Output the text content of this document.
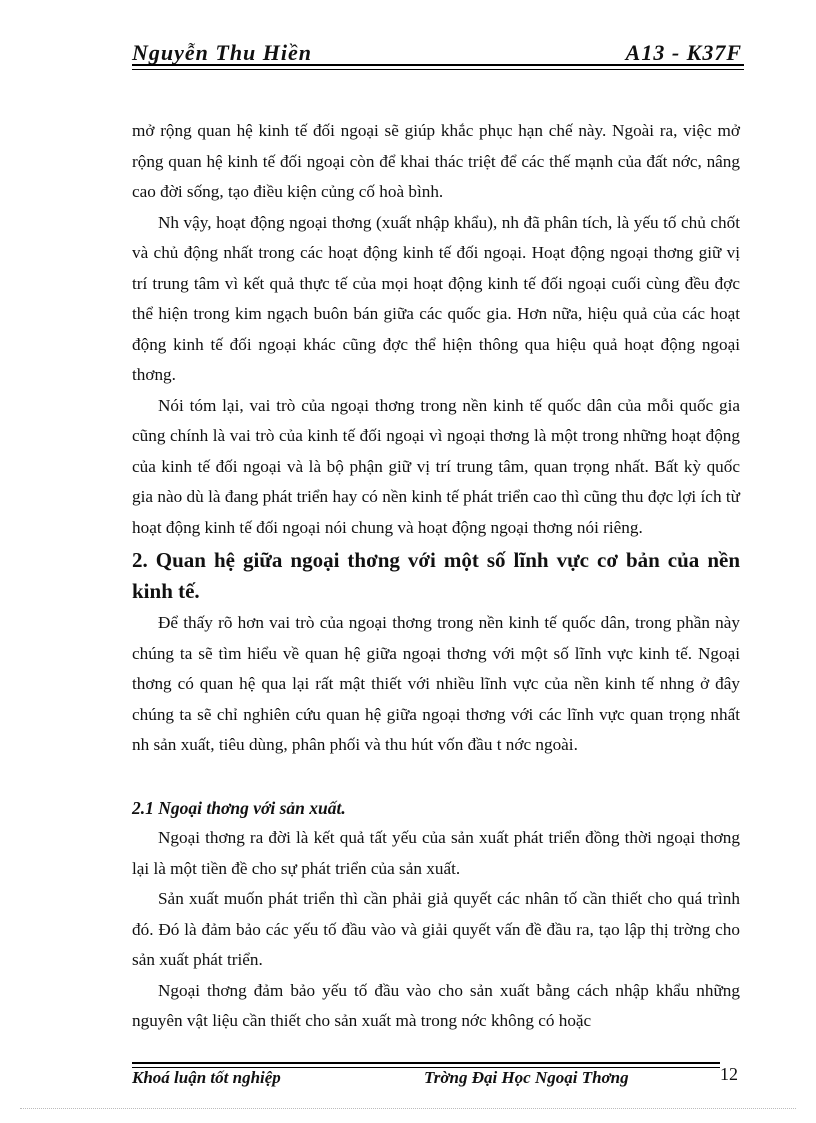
Nguyễn Thu Hiền	A13 - K37F

mở rộng quan hệ kinh tế đối ngoại sẽ giúp khắc phục hạn chế này. Ngoài ra, việc mở rộng quan hệ kinh tế đối ngoại còn để khai thác triệt để các thế mạnh của đất nớc, nâng cao đời sống, tạo điều kiện củng cố hoà bình.

Nh vậy, hoạt động ngoại thơng (xuất nhập khẩu), nh đã phân tích, là yếu tố chủ chốt và chủ động nhất trong các hoạt động kinh tế đối ngoại. Hoạt động ngoại thơng giữ vị trí trung tâm vì kết quả thực tế của mọi hoạt động kinh tế đối ngoại cuối cùng đều đợc thể hiện trong kim ngạch buôn bán giữa các quốc gia. Hơn nữa, hiệu quả của các hoạt động kinh tế đối ngoại khác cũng đợc thể hiện thông qua hiệu quả hoạt động ngoại thơng.

Nói tóm lại, vai trò của ngoại thơng trong nền kinh tế quốc dân của mỗi quốc gia cũng chính là vai trò của kinh tế đối ngoại vì ngoại thơng là một trong những hoạt động của kinh tế đối ngoại và là bộ phận giữ vị trí trung tâm, quan trọng nhất. Bất kỳ quốc gia nào dù là đang phát triển hay có nền kinh tế phát triển cao thì cũng thu đợc lợi ích từ hoạt động kinh tế đối ngoại nói chung và hoạt động ngoại thơng nói riêng.

2. Quan hệ giữa ngoại thơng với một số lĩnh vực cơ bản của nền kinh tế.

Để thấy rõ hơn vai trò của ngoại thơng trong nền kinh tế quốc dân, trong phần này chúng ta sẽ tìm hiểu về quan hệ giữa ngoại thơng với một số lĩnh vực kinh tế. Ngoại thơng có quan hệ qua lại rất mật thiết với nhiều lĩnh vực của nền kinh tế nhng ở đây chúng ta sẽ chỉ nghiên cứu quan hệ giữa ngoại thơng với các lĩnh vực quan trọng nhất nh sản xuất, tiêu dùng, phân phối và thu hút vốn đầu t nớc ngoài.

2.1 Ngoại thơng với sản xuất.

Ngoại thơng ra đời là kết quả tất yếu của sản xuất phát triển đồng thời ngoại thơng lại là một tiền đề cho sự phát triển của sản xuất.

Sản xuất muốn phát triển thì cần phải giả quyết các nhân tố cần thiết cho quá trình đó. Đó là đảm bảo các yếu tố đầu vào và giải quyết vấn đề đầu ra, tạo lập thị trờng cho sản xuất phát triển.

Ngoại thơng đảm bảo yếu tố đầu vào cho sản xuất bằng cách nhập khẩu những nguyên vật liệu cần thiết cho sản xuất mà trong nớc không có hoặc

Khoá luận tốt nghiệp	Trờng Đại Học Ngoại Thơng	12
